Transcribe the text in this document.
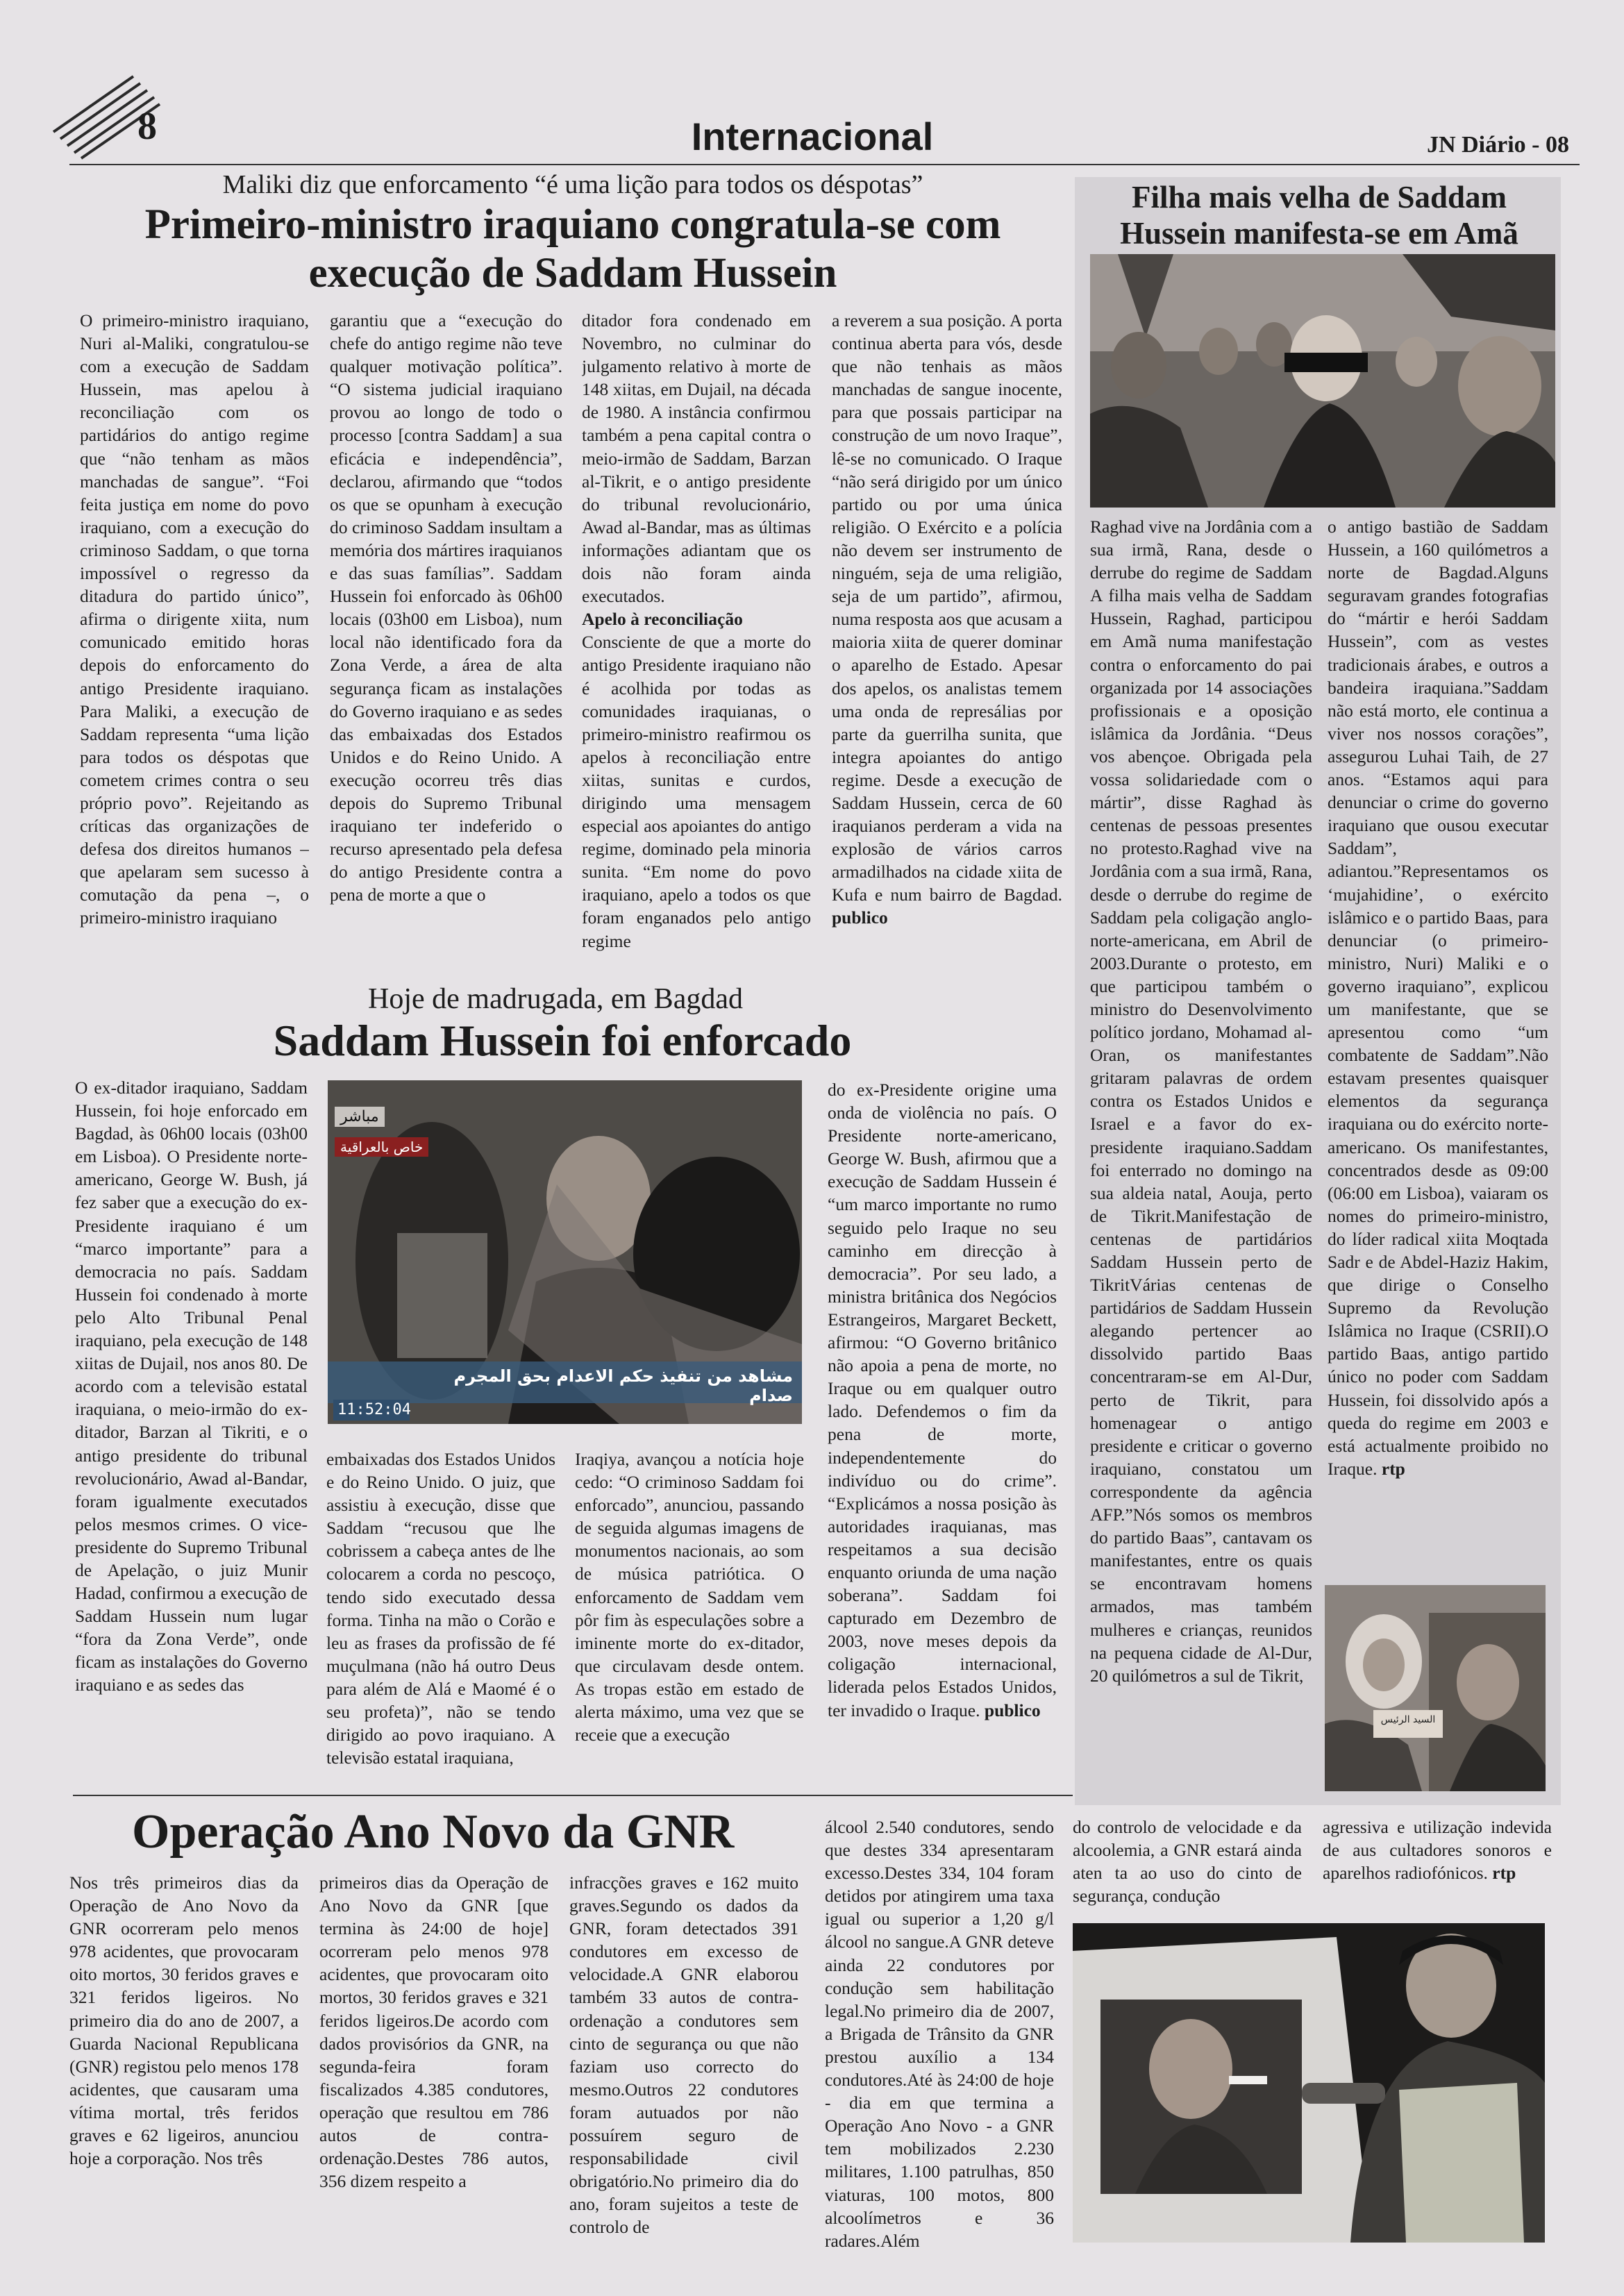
8	Internacional	JN Diário - 08
Maliki diz que enforcamento “é uma lição para todos os déspotas”
Primeiro-ministro iraquiano congratula-se com
execução de Saddam Hussein

O primeiro-ministro iraquiano, Nuri al-Maliki, congratulou-se com a execução de Saddam Hussein, mas apelou à reconciliação com os partidários do antigo regime que “não tenham as mãos manchadas de sangue”. “Foi feita justiça em nome do povo iraquiano, com a execução do criminoso Saddam, o que torna impossível o regresso da ditadura do partido único”, afirma o dirigente xiita, num comunicado emitido horas depois do enforcamento do antigo Presidente iraquiano. Para Maliki, a execução de Saddam representa “uma lição para todos os déspotas que cometem crimes contra o seu próprio povo”. Rejeitando as críticas das organizações de defesa dos direitos humanos – que apelaram sem sucesso à comutação da pena –, o primeiro-ministro iraquiano

garantiu que a “execução do chefe do antigo regime não teve qualquer motivação política”. “O sistema judicial iraquiano provou ao longo de todo o processo [contra Saddam] a sua eficácia e independência”, declarou, afirmando que “todos os que se opunham à execução do criminoso Saddam insultam a memória dos mártires iraquianos e das suas famílias”. Saddam Hussein foi enforcado às 06h00 locais (03h00 em Lisboa), num local não identificado fora da Zona Verde, a área de alta segurança ficam as instalações do Governo iraquiano e as sedes das embaixadas dos Estados Unidos e do Reino Unido. A execução ocorreu três dias depois do Supremo Tribunal iraquiano ter indeferido o recurso apresentado pela defesa do antigo Presidente contra a pena de morte a que o

ditador fora condenado em Novembro, no culminar do julgamento relativo à morte de 148 xiitas, em Dujail, na década de 1980. A instância confirmou também a pena capital contra o meio-irmão de Saddam, Barzan al-Tikrit, e o antigo presidente do tribunal revolucionário, Awad al-Bandar, mas as últimas informações adiantam que os dois não foram ainda executados.

Apelo à reconciliação

Consciente de que a morte do antigo Presidente iraquiano não é acolhida por todas as comunidades iraquianas, o primeiro-ministro reafirmou os apelos à reconciliação entre xiitas, sunitas e curdos, dirigindo uma mensagem especial aos apoiantes do antigo regime, dominado pela minoria sunita. “Em nome do povo iraquiano, apelo a todos os que foram enganados pelo antigo regime

a reverem a sua posição. A porta continua aberta para vós, desde que não tenhais as mãos manchadas de sangue inocente, para que possais participar na construção de um novo Iraque”, lê-se no comunicado. O Iraque “não será dirigido por um único partido ou por uma única religião. O Exército e a polícia não devem ser instrumento de ninguém, seja de uma religião, seja de um partido”, afirmou, numa resposta aos que acusam a maioria xiita de querer dominar o aparelho de Estado. Apesar dos apelos, os analistas temem uma onda de represálias por parte da guerrilha sunita, que integra apoiantes do antigo regime. Desde a execução de Saddam Hussein, cerca de 60 iraquianos perderam a vida na explosão de vários carros armadilhados na cidade xiita de Kufa e num bairro de Bagdad. publico

Hoje de madrugada, em Bagdad
Saddam Hussein foi enforcado

O ex-ditador iraquiano, Saddam Hussein, foi hoje enforcado em Bagdad, às 06h00 locais (03h00 em Lisboa). O Presidente norte-americano, George W. Bush, já fez saber que a execução do ex-Presidente iraquiano é um “marco importante” para a democracia no país. Saddam Hussein foi condenado à morte pelo Alto Tribunal Penal iraquiano, pela execução de 148 xiitas de Dujail, nos anos 80. De acordo com a televisão estatal iraquiana, o meio-irmão do ex-ditador, Barzan al Tikriti, e o antigo presidente do tribunal revolucionário, Awad al-Bandar, foram igualmente executados pelos mesmos crimes. O vice-presidente do Supremo Tribunal de Apelação, o juiz Munir Hadad, confirmou a execução de Saddam Hussein num lugar “fora da Zona Verde”, onde ficam as instalações do Governo iraquiano e as sedes das

مباشر
خاص بالعراقية
مشاهد من تنفيذ حكم الاعدام بحق المجرم صدام
11:52:04

embaixadas dos Estados Unidos e do Reino Unido. O juiz, que assistiu à execução, disse que Saddam “recusou que lhe cobrissem a cabeça antes de lhe colocarem a corda no pescoço, tendo sido executado dessa forma. Tinha na mão o Corão e leu as frases da profissão de fé muçulmana (não há outro Deus para além de Alá e Maomé é o seu profeta)”, não se tendo dirigido ao povo iraquiano. A televisão estatal iraquiana,

Iraqiya, avançou a notícia hoje cedo: “O criminoso Saddam foi enforcado”, anunciou, passando de seguida algumas imagens de monumentos nacionais, ao som de música patriótica. O enforcamento de Saddam vem pôr fim às especulações sobre a iminente morte do ex-ditador, que circulavam desde ontem. As tropas estão em estado de alerta máximo, uma vez que se receie que a execução

do ex-Presidente origine uma onda de violência no país. O Presidente norte-americano, George W. Bush, afirmou que a execução de Saddam Hussein é “um marco importante no rumo seguido pelo Iraque no seu caminho em direcção à democracia”. Por seu lado, a ministra britânica dos Negócios Estrangeiros, Margaret Beckett, afirmou: “O Governo britânico não apoia a pena de morte, no Iraque ou em qualquer outro lado. Defendemos o fim da pena de morte, independentemente do indivíduo ou do crime”. “Explicámos a nossa posição às autoridades iraquianas, mas respeitamos a sua decisão enquanto oriunda de uma nação soberana”. Saddam foi capturado em Dezembro de 2003, nove meses depois da coligação internacional, liderada pelos Estados Unidos, ter invadido o Iraque. publico

Filha mais velha de Saddam
Hussein manifesta-se em Amã

Raghad vive na Jordânia com a sua irmã, Rana, desde o derrube do regime de Saddam A filha mais velha de Saddam Hussein, Raghad, participou em Amã numa manifestação contra o enforcamento do pai organizada por 14 associações profissionais e a oposição islâmica da Jordânia. “Deus vos abençoe. Obrigada pela vossa solidariedade com o mártir”, disse Raghad às centenas de pessoas presentes no protesto.Raghad vive na Jordânia com a sua irmã, Rana, desde o derrube do regime de Saddam pela coligação anglo-norte-americana, em Abril de 2003.Durante o protesto, em que participou também o ministro do Desenvolvimento político jordano, Mohamad al-Oran, os manifestantes gritaram palavras de ordem contra os Estados Unidos e Israel e a favor do ex-presidente iraquiano.Saddam foi enterrado no domingo na sua aldeia natal, Aouja, perto de Tikrit.Manifestação de centenas de partidários Saddam Hussein perto de TikritVárias centenas de partidários de Saddam Hussein alegando pertencer ao dissolvido partido Baas concentraram-se em Al-Dur, perto de Tikrit, para homenagear o antigo presidente e criticar o governo iraquiano, constatou um correspondente da agência AFP.”Nós somos os membros do partido Baas”, cantavam os manifestantes, entre os quais se encontravam homens armados, mas também mulheres e crianças, reunidos na pequena cidade de Al-Dur, 20 quilómetros a sul de Tikrit,

o antigo bastião de Saddam Hussein, a 160 quilómetros a norte de Bagdad.Alguns seguravam grandes fotografias do “mártir e herói Saddam Hussein”, com as vestes tradicionais árabes, e outros a bandeira iraquiana.”Saddam não está morto, ele continua a viver nos nossos corações”, assegurou Luhai Taih, de 27 anos. “Estamos aqui para denunciar o crime do governo iraquiano que ousou executar Saddam”, adiantou.”Representamos os ‘mujahidine’, o exército islâmico e o partido Baas, para denunciar (o primeiro-ministro, Nuri) Maliki e o governo iraquiano”, explicou um manifestante, que se apresentou como “um combatente de Saddam”.Não estavam presentes quaisquer elementos da segurança iraquiana ou do exército norte-americano. Os manifestantes, concentrados desde as 09:00 (06:00 em Lisboa), vaiaram os nomes do primeiro-ministro, do líder radical xiita Moqtada Sadr e de Abdel-Haziz Hakim, que dirige o Conselho Supremo da Revolução Islâmica no Iraque (CSRII).O partido Baas, antigo partido único no poder com Saddam Hussein, foi dissolvido após a queda do regime em 2003 e está actualmente proibido no Iraque. rtp

السيد الرئيس
Operação Ano Novo da GNR

Nos três primeiros dias da Operação de Ano Novo da GNR ocorreram pelo menos 978 acidentes, que provocaram oito mortos, 30 feridos graves e 321 feridos ligeiros. No primeiro dia do ano de 2007, a Guarda Nacional Republicana (GNR) registou pelo menos 178 acidentes, que causaram uma vítima mortal, três feridos graves e 62 ligeiros, anunciou hoje a corporação. Nos três

primeiros dias da Operação de Ano Novo da GNR [que termina às 24:00 de hoje] ocorreram pelo menos 978 acidentes, que provocaram oito mortos, 30 feridos graves e 321 feridos ligeiros.De acordo com dados provisórios da GNR, na segunda-feira foram fiscalizados 4.385 condutores, operação que resultou em 786 autos de contra-ordenação.Destes 786 autos, 356 dizem respeito a

infracções graves e 162 muito graves.Segundo os dados da GNR, foram detectados 391 condutores em excesso de velocidade.A GNR elaborou também 33 autos de contra-ordenação a condutores sem cinto de segurança ou que não faziam uso correcto do mesmo.Outros 22 condutores foram autuados por não possuírem seguro de responsabilidade civil obrigatório.No primeiro dia do ano, foram sujeitos a teste de controlo de

álcool 2.540 condutores, sendo que destes 334 apresentaram excesso.Destes 334, 104 foram detidos por atingirem uma taxa igual ou superior a 1,20 g/l álcool no sangue.A GNR deteve ainda 22 condutores por condução sem habilitação legal.No primeiro dia de 2007, a Brigada de Trânsito da GNR prestou auxílio a 134 condutores.Até às 24:00 de hoje - dia em que termina a Operação Ano Novo - a GNR tem mobilizados 2.230 militares, 1.100 patrulhas, 850 viaturas, 100 motos, 800 alcoolímetros e 36 radares.Além

do controlo de velocidade e da alcoolemia, a GNR estará ainda aten ta ao uso do cinto de segurança, condução

agressiva e utilização indevida de aus cultadores sonoros e aparelhos radiofónicos. rtp
